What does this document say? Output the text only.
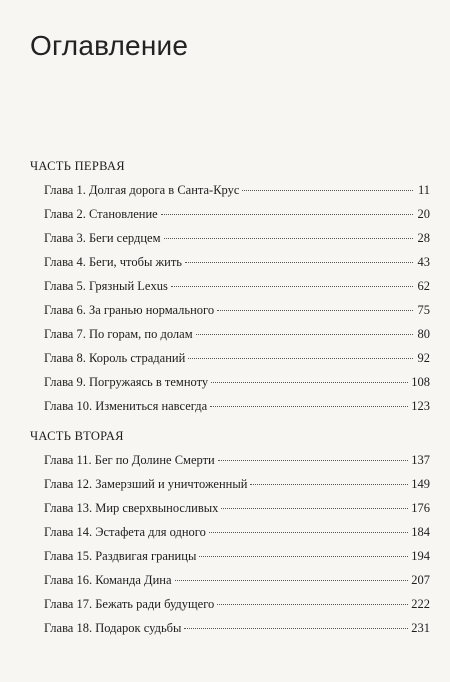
Оглавление
ЧАСТЬ ПЕРВАЯ
Глава 1. Долгая дорога в Санта-Крус	11
Глава 2. Становление	20
Глава 3. Беги сердцем	28
Глава 4. Беги, чтобы жить	43
Глава 5. Грязный Lexus	62
Глава 6. За гранью нормального	75
Глава 7. По горам, по долам	80
Глава 8. Король страданий	92
Глава 9. Погружаясь в темноту	108
Глава 10. Измениться навсегда	123
ЧАСТЬ ВТОРАЯ
Глава 11. Бег по Долине Смерти	137
Глава 12. Замерзший и уничтоженный	149
Глава 13. Мир сверхвыносливых	176
Глава 14. Эстафета для одного	184
Глава 15. Раздвигая границы	194
Глава 16. Команда Дина	207
Глава 17. Бежать ради будущего	222
Глава 18. Подарок судьбы	231
